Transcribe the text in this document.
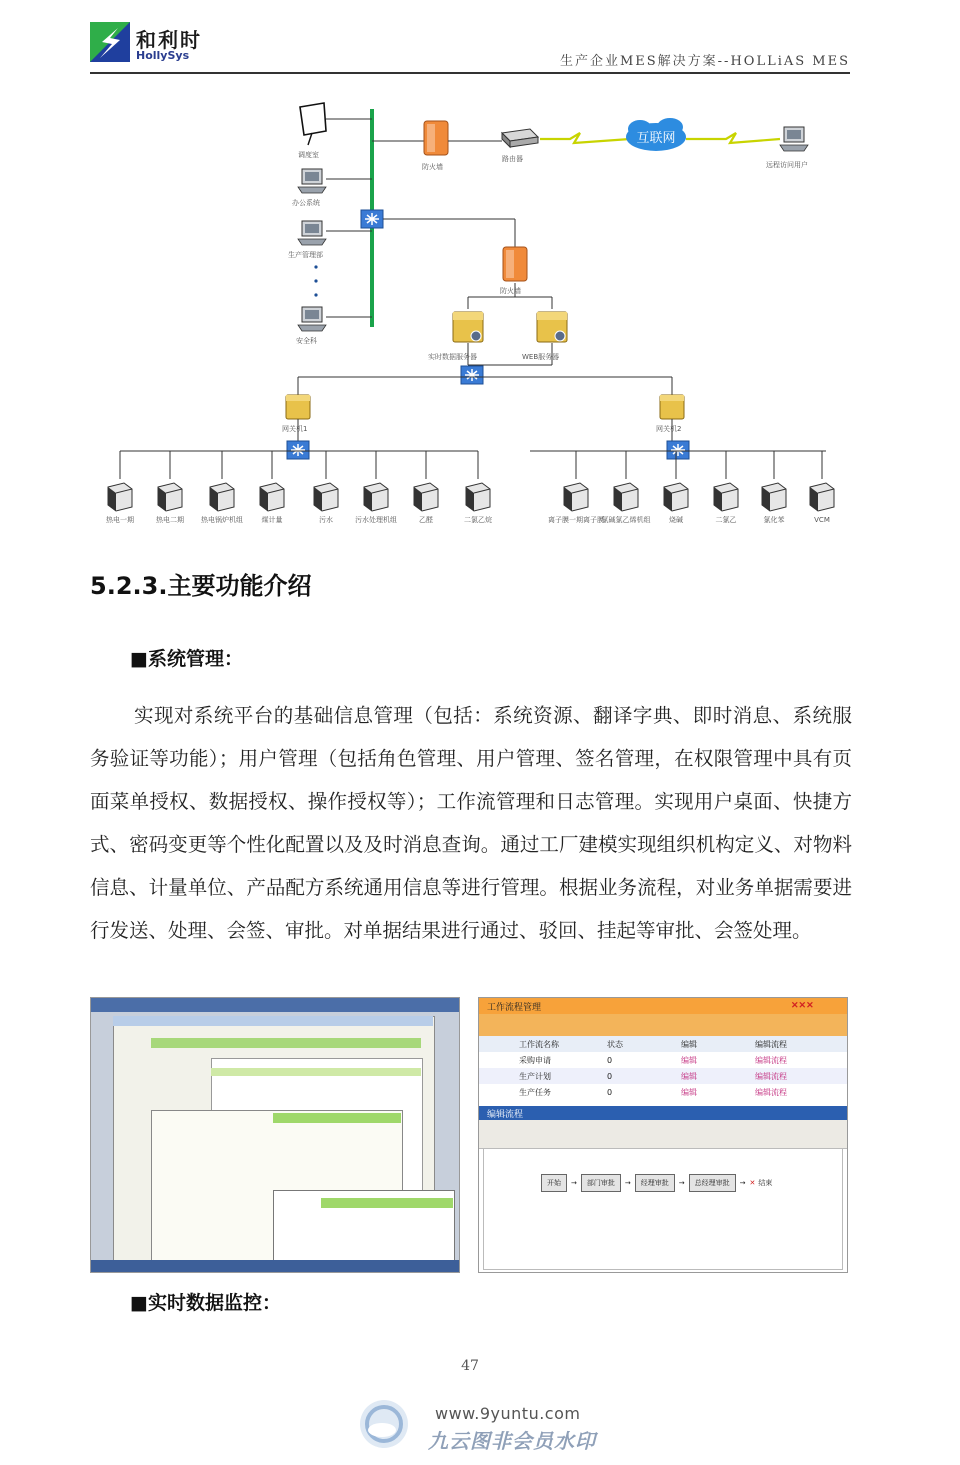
和利时
HollySys	生产企业MES解决方案--HOLLiAS MES
调度室
办公系统
生产管理部
安全科
防火墙
路由器
互联网
远程访问用户
防火墙
实时数据服务器	WEB服务器
网关机1	网关机2
热电一期	热电二期 热电锅炉机组	煤计量	污水	污水处理机组	乙醛	二氯乙烷	离子膜一期离子膜
氯碱氯乙烯机组	烧碱	二氯乙	氯化苯	VCM
5.2.3.主要功能介绍
■系统管理：

实现对系统平台的基础信息管理（包括：系统资源、翻译字典、即时消息、系统服务验证等功能）；用户管理（包括角色管理、用户管理、签名管理，在权限管理中具有页面菜单授权、数据授权、操作授权等）；工作流管理和日志管理。实现用户桌面、快捷方式、密码变更等个性化配置以及及时消息查询。通过工厂建模实现组织机构定义、对物料信息、计量单位、产品配方系统通用信息等进行管理。根据业务流程，对业务单据需要进行发送、处理、会签、审批。对单据结果进行通过、驳回、挂起等审批、会签处理。

工作流程管理	✕✕✕
工作流名称	状态	编辑	编辑流程
采购申请	0	编辑	编辑流程
生产计划	0	编辑	编辑流程
生产任务	0	编辑	编辑流程
编辑流程
开始	→	部门审批	→	经理审批	→	总经理审批	→ ✕ 结束
■实时数据监控：
47
www.9yuntu.com
九云图非会员水印
